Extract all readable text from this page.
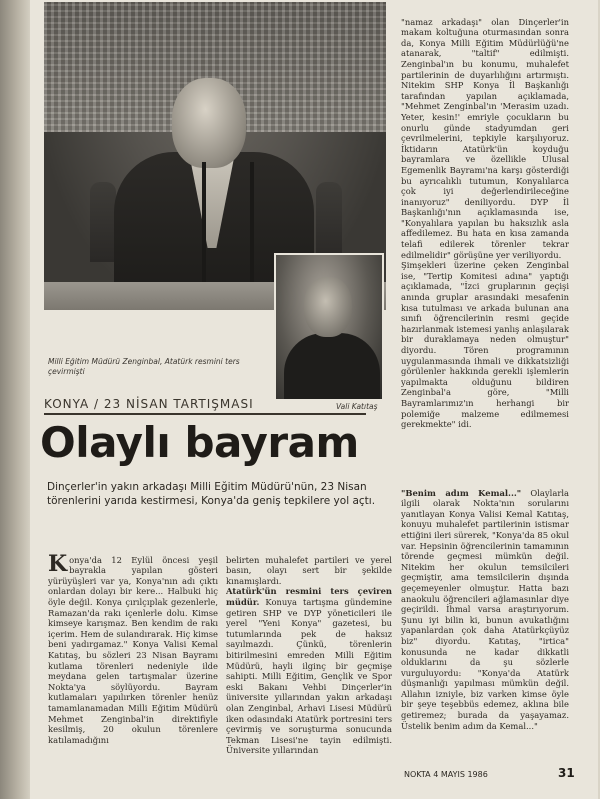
Milli Eğitim Müdürü Zenginbal, Atatürk resmini ters çevirmişti
Vali Katıtaş
KONYA / 23 NİSAN TARTIŞMASI
Olaylı bayram
Dinçerler'in yakın arkadaşı Milli Eğitim Müdürü'nün, 23 Nisan törenlerini yarıda kestirmesi, Konya'da geniş tepkilere yol açtı.

Konya'da 12 Eylül öncesi yeşil bayrakla yapılan gösteri yürüyüşleri var ya, Konya'nın adı çıktı onlardan dolayı bir kere... Halbuki hiç öyle değil. Konya çırılçıplak gezenlerle, Ramazan'da rakı içenlerle dolu. Kimse kimseye karışmaz. Ben kendim de rakı içerim. Hem de sulandırarak. Hiç kimse beni yadırgamaz." Konya Valisi Kemal Katıtaş, bu sözleri 23 Nisan Bayramı kutlama törenleri nedeniyle ilde meydana gelen tartışmalar üzerine Nokta'ya söylüyordu. Bayram kutlamaları yapılırken törenler henüz tamamlanamadan Milli Eğitim Müdürü Mehmet Zenginbal'in direktifiyle kesilmiş, 20 okulun törenlere katılamadığını

belirten muhalefet partileri ve yerel basın, olayı sert bir şekilde kınamışlardı.
Atatürk'ün resmini ters çeviren müdür. Konuya tartışma gündemine getiren SHP ve DYP yöneticileri ile yerel "Yeni Konya" gazetesi, bu tutumlarında pek de haksız sayılmazdı. Çünkü, törenlerin bitirilmesini emreden Milli Eğitim Müdürü, hayli ilginç bir geçmişe sahipti. Milli Eğitim, Gençlik ve Spor eski Bakanı Vehbi Dinçerler'in üniversite yıllarından yakın arkadaşı olan Zenginbal, Arhavi Lisesi Müdürü iken odasındaki Atatürk portresini ters çevirmiş ve soruşturma sonucunda Tekman Lisesi'ne tayin edilmişti. Üniversite yıllarından

"namaz arkadaşı" olan Dinçerler'in makam koltuğuna oturmasından sonra da, Konya Milli Eğitim Müdürlüğü'ne atanarak, "taltif" edilmişti. Zenginbal'ın bu konumu, muhalefet partilerinin de duyarlılığını artırmıştı. Nitekim SHP Konya İl Başkanlığı tarafından yapılan açıklamada, "Mehmet Zenginbal'ın 'Merasim uzadı. Yeter, kesin!' emriyle çocukların bu onurlu günde stadyumdan geri çevrilmelerini, tepkiyle karşılıyoruz. İktidarın Atatürk'ün koyduğu bayramlara ve özellikle Ulusal Egemenlik Bayramı'na karşı gösterdiği bu ayrıcalıklı tutumun, Konyalılarca çok iyi değerlendirileceğine inanıyoruz" deniliyordu. DYP İl Başkanlığı'nın açıklamasında ise, "Konyalılara yapılan bu haksızlık asla affedilemez. Bu hata en kısa zamanda telafi edilerek törenler tekrar edilmelidir" görüşüne yer veriliyordu.
Şimşekleri üzerine çeken Zenginbal ise, "Tertip Komitesi adına" yaptığı açıklamada, "İzci gruplarının geçişi anında gruplar arasındaki mesafenin kısa tutulması ve arkada bulunan ana sınıfı öğrencilerinin resmi geçide hazırlanmak istemesi yanlış anlaşılarak bir duraklamaya neden olmuştur" diyordu. Tören programının uygulanmasında ihmali ve dikkatsizliği görülenler hakkında gerekli işlemlerin yapılmakta olduğunu bildiren Zenginbal'a göre, "Milli Bayramlarımız'ın herhangi bir polemiğe malzeme edilmemesi gerekmekte" idi.

"Benim adım Kemal..." Olaylarla ilgili olarak Nokta'nın sorularını yanıtlayan Konya Valisi Kemal Katıtaş, konuyu muhalefet partilerinin istismar ettiğini ileri sürerek, "Konya'da 85 okul var. Hepsinin öğrencilerinin tamamının törende geçmesi mümkün değil. Nitekim her okulun temsilcileri geçmiştir, ama temsilcilerin dışında geçemeyenler olmuştur. Hatta bazı anaokulu öğrencileri ağlamasınlar diye geçirildi. İhmal varsa araştırıyorum. Şunu iyi bilin ki, bunun avukatlığını yapanlardan çok daha Atatürkçüyüz biz" diyordu. Katıtaş, "irtica" konusunda ne kadar dikkatli olduklarını da şu sözlerle vurguluyordu: "Konya'da Atatürk düşmanlığı yapılması mümkün değil. Allahın izniyle, biz varken kimse öyle bir şeye teşebbüs edemez, aklına bile getiremez; burada da yaşayamaz. Üstelik benim adım da Kemal..."

NOKTA 4 MAYIS 1986	31
